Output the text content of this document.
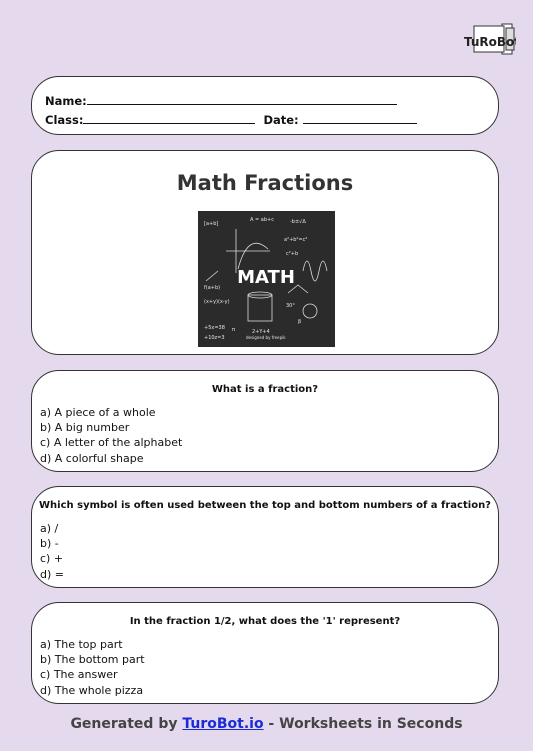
TuRoBot
Name:
Class:	Date:
Math Fractions
[a+b]
A = ab+c	-b±√Δ
a²+b²=c²
c²+b
f(a+b)
(x+y)(x-y)
+5x=38
+10z=3
π	2+Y+4
30°
β
designed by freepik
MATH
What is a fraction?
a) A piece of a whole
b) A big number
c) A letter of the alphabet
d) A colorful shape
Which symbol is often used between the top and bottom numbers of a fraction?
a) /
b) -
c) +
d) =
In the fraction 1/2, what does the '1' represent?
a) The top part
b) The bottom part
c) The answer
d) The whole pizza
Generated by TuroBot.io - Worksheets in Seconds
